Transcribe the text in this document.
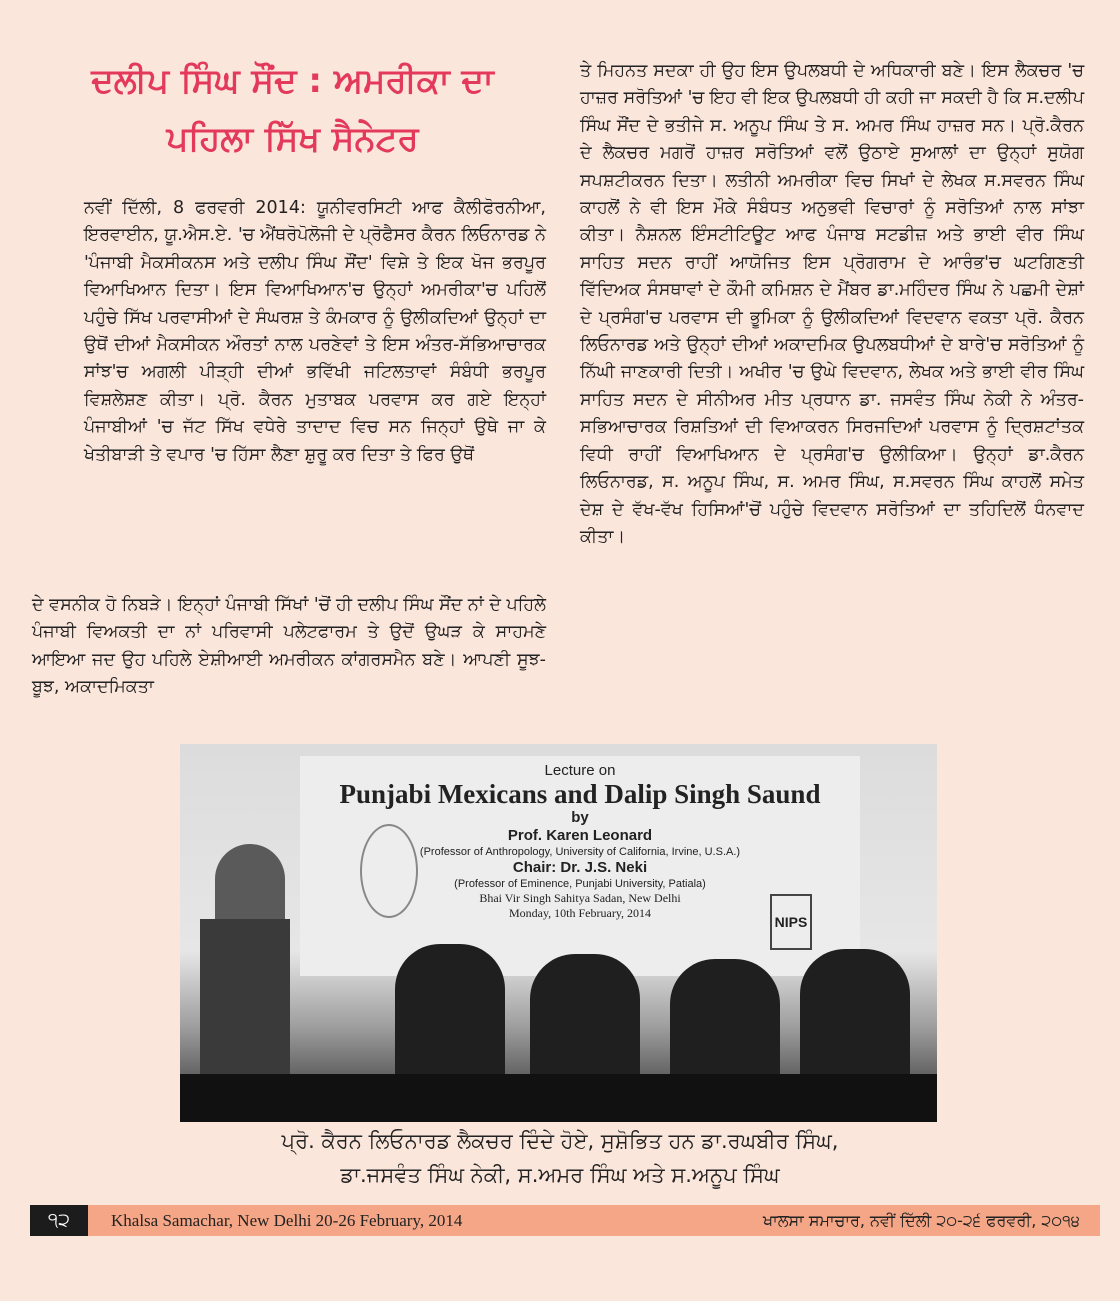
ਦਲੀਪ ਸਿੰਘ ਸੌਂਦ : ਅਮਰੀਕਾ ਦਾ
ਪਹਿਲਾ ਸਿੱਖ ਸੈਨੇਟਰ

ਨਵੀਂ ਦਿੱਲੀ, 8 ਫਰਵਰੀ 2014: ਯੂਨੀਵਰਸਿਟੀ ਆਫ ਕੈਲੀਫੋਰਨੀਆ, ਇਰਵਾਈਨ, ਯੂ.ਐਸ.ਏ. 'ਚ ਐਂਥਰੋਪੋਲੋਜੀ ਦੇ ਪ੍ਰੋਫੈਸਰ ਕੈਰਨ ਲਿਓਨਾਰਡ ਨੇ 'ਪੰਜਾਬੀ ਮੈਕਸੀਕਨਸ ਅਤੇ ਦਲੀਪ ਸਿੰਘ ਸੌਂਦ' ਵਿਸ਼ੇ ਤੇ ਇਕ ਖੋਜ ਭਰਪੂਰ ਵਿਆਖਿਆਨ ਦਿਤਾ। ਇਸ ਵਿਆਖਿਆਨ'ਚ ਉਨ੍ਹਾਂ ਅਮਰੀਕਾ'ਚ ਪਹਿਲੋਂ ਪਹੁੰਚੇ ਸਿੱਖ ਪਰਵਾਸੀਆਂ ਦੇ ਸੰਘਰਸ਼ ਤੇ ਕੰਮਕਾਰ ਨੂੰ ਉਲੀਕਦਿਆਂ ਉਨ੍ਹਾਂ ਦਾ ਉਥੋਂ ਦੀਆਂ ਮੈਕਸੀਕਨ ਔਰਤਾਂ ਨਾਲ ਪਰਣੇਵਾਂ ਤੇ ਇਸ ਅੰਤਰ-ਸੱਭਿਆਚਾਰਕ ਸਾਂਝ'ਚ ਅਗਲੀ ਪੀੜ੍ਹੀ ਦੀਆਂ ਭਵਿੱਖੀ ਜਟਿਲਤਾਵਾਂ ਸੰਬੰਧੀ ਭਰਪੂਰ ਵਿਸ਼ਲੇਸ਼ਣ ਕੀਤਾ। ਪ੍ਰੋ. ਕੈਰਨ ਮੁਤਾਬਕ ਪਰਵਾਸ ਕਰ ਗਏ ਇਨ੍ਹਾਂ ਪੰਜਾਬੀਆਂ 'ਚ ਜੱਟ ਸਿੱਖ ਵਧੇਰੇ ਤਾਦਾਦ ਵਿਚ ਸਨ ਜਿਨ੍ਹਾਂ ਉਥੇ ਜਾ ਕੇ ਖੇਤੀਬਾੜੀ ਤੇ ਵਪਾਰ 'ਚ ਹਿੱਸਾ ਲੈਣਾ ਸ਼ੁਰੂ ਕਰ ਦਿਤਾ ਤੇ ਫਿਰ ਉਥੋਂ

ਦੇ ਵਸਨੀਕ ਹੋ ਨਿਬੜੇ। ਇਨ੍ਹਾਂ ਪੰਜਾਬੀ ਸਿੱਖਾਂ 'ਚੋਂ ਹੀ ਦਲੀਪ ਸਿੰਘ ਸੌਂਦ ਨਾਂ ਦੇ ਪਹਿਲੇ ਪੰਜਾਬੀ ਵਿਅਕਤੀ ਦਾ ਨਾਂ ਪਰਿਵਾਸੀ ਪਲੇਟਫਾਰਮ ਤੇ ਉਦੋਂ ਉਘੜ ਕੇ ਸਾਹਮਣੇ ਆਇਆ ਜਦ ਉਹ ਪਹਿਲੇ ਏਸ਼ੀਆਈ ਅਮਰੀਕਨ ਕਾਂਗਰਸਮੈਨ ਬਣੇ। ਆਪਣੀ ਸੂਝ-ਬੂਝ, ਅਕਾਦਮਿਕਤਾ

ਤੇ ਮਿਹਨਤ ਸਦਕਾ ਹੀ ਉਹ ਇਸ ਉਪਲਬਧੀ ਦੇ ਅਧਿਕਾਰੀ ਬਣੇ। ਇਸ ਲੈਕਚਰ 'ਚ ਹਾਜ਼ਰ ਸਰੋਤਿਆਂ 'ਚ ਇਹ ਵੀ ਇਕ ਉਪਲਬਧੀ ਹੀ ਕਹੀ ਜਾ ਸਕਦੀ ਹੈ ਕਿ ਸ.ਦਲੀਪ ਸਿੰਘ ਸੌਂਦ ਦੇ ਭਤੀਜੇ ਸ. ਅਨੂਪ ਸਿੰਘ ਤੇ ਸ. ਅਮਰ ਸਿੰਘ ਹਾਜ਼ਰ ਸਨ। ਪ੍ਰੋ.ਕੈਰਨ ਦੇ ਲੈਕਚਰ ਮਗਰੋਂ ਹਾਜ਼ਰ ਸਰੋਤਿਆਂ ਵਲੋਂ ਉਠਾਏ ਸੁਆਲਾਂ ਦਾ ਉਨ੍ਹਾਂ ਸੁਯੋਗ ਸਪਸ਼ਟੀਕਰਨ ਦਿਤਾ। ਲਤੀਨੀ ਅਮਰੀਕਾ ਵਿਚ ਸਿਖਾਂ ਦੇ ਲੇਖਕ ਸ.ਸਵਰਨ ਸਿੰਘ ਕਾਹਲੋਂ ਨੇ ਵੀ ਇਸ ਮੌਕੇ ਸੰਬੰਧਤ ਅਨੁਭਵੀ ਵਿਚਾਰਾਂ ਨੂੰ ਸਰੋਤਿਆਂ ਨਾਲ ਸਾਂਝਾ ਕੀਤਾ। ਨੈਸ਼ਨਲ ਇੰਸਟੀਟਿਊਟ ਆਫ ਪੰਜਾਬ ਸਟਡੀਜ਼ ਅਤੇ ਭਾਈ ਵੀਰ ਸਿੰਘ ਸਾਹਿਤ ਸਦਨ ਰਾਹੀਂ ਆਯੋਜਿਤ ਇਸ ਪ੍ਰੋਗਰਾਮ ਦੇ ਆਰੰਭ'ਚ ਘਟਗਿਣਤੀ ਵਿੱਦਿਅਕ ਸੰਸਥਾਵਾਂ ਦੇ ਕੌਮੀ ਕਮਿਸ਼ਨ ਦੇ ਮੈਂਬਰ ਡਾ.ਮਹਿੰਦਰ ਸਿੰਘ ਨੇ ਪਛਮੀ ਦੇਸ਼ਾਂ ਦੇ ਪ੍ਰਸੰਗ'ਚ ਪਰਵਾਸ ਦੀ ਭੂਮਿਕਾ ਨੂੰ ਉਲੀਕਦਿਆਂ ਵਿਦਵਾਨ ਵਕਤਾ ਪ੍ਰੋ. ਕੈਰਨ ਲਿਓਨਾਰਡ ਅਤੇ ਉਨ੍ਹਾਂ ਦੀਆਂ ਅਕਾਦਮਿਕ ਉਪਲਬਧੀਆਂ ਦੇ ਬਾਰੇ'ਚ ਸਰੋਤਿਆਂ ਨੂੰ ਨਿੱਘੀ ਜਾਣਕਾਰੀ ਦਿਤੀ। ਅਖੀਰ 'ਚ ਉਘੇ ਵਿਦਵਾਨ, ਲੇਖਕ ਅਤੇ ਭਾਈ ਵੀਰ ਸਿੰਘ ਸਾਹਿਤ ਸਦਨ ਦੇ ਸੀਨੀਅਰ ਮੀਤ ਪ੍ਰਧਾਨ ਡਾ. ਜਸਵੰਤ ਸਿੰਘ ਨੇਕੀ ਨੇ ਅੰਤਰ-ਸਭਿਆਚਾਰਕ ਰਿਸ਼ਤਿਆਂ ਦੀ ਵਿਆਕਰਨ ਸਿਰਜਦਿਆਂ ਪਰਵਾਸ ਨੂੰ ਦ੍ਰਿਸ਼ਟਾਂਤਕ ਵਿਧੀ ਰਾਹੀਂ ਵਿਆਖਿਆਨ ਦੇ ਪ੍ਰਸੰਗ'ਚ ਉਲੀਕਿਆ। ਉਨ੍ਹਾਂ ਡਾ.ਕੈਰਨ ਲਿਓਨਾਰਡ, ਸ. ਅਨੂਪ ਸਿੰਘ, ਸ. ਅਮਰ ਸਿੰਘ, ਸ.ਸਵਰਨ ਸਿੰਘ ਕਾਹਲੋਂ ਸਮੇਤ ਦੇਸ਼ ਦੇ ਵੱਖ-ਵੱਖ ਹਿਸਿਆਂ'ਚੋਂ ਪਹੁੰਚੇ ਵਿਦਵਾਨ ਸਰੋਤਿਆਂ ਦਾ ਤਹਿਦਿਲੋਂ ਧੰਨਵਾਦ ਕੀਤਾ।

Lecture on
Punjabi Mexicans and Dalip Singh Saund
by
Prof. Karen Leonard
(Professor of Anthropology, University of California, Irvine, U.S.A.)
Chair: Dr. J.S. Neki
(Professor of Eminence, Punjabi University, Patiala)
Bhai Vir Singh Sahitya Sadan, New Delhi
Monday, 10th February, 2014
NIPS

ਪ੍ਰੋ. ਕੈਰਨ ਲਿਓਨਾਰਡ ਲੈਕਚਰ ਦਿੰਦੇ ਹੋਏ, ਸੁਸ਼ੋਭਿਤ ਹਨ ਡਾ.ਰਘਬੀਰ ਸਿੰਘ,
ਡਾ.ਜਸਵੰਤ ਸਿੰਘ ਨੇਕੀ, ਸ.ਅਮਰ ਸਿੰਘ ਅਤੇ ਸ.ਅਨੂਪ ਸਿੰਘ

੧੨	Khalsa Samachar, New Delhi 20-26 February, 2014	ਖਾਲਸਾ ਸਮਾਚਾਰ, ਨਵੀਂ ਦਿੱਲੀ ੨੦-੨੬ ਫਰਵਰੀ, ੨੦੧੪
